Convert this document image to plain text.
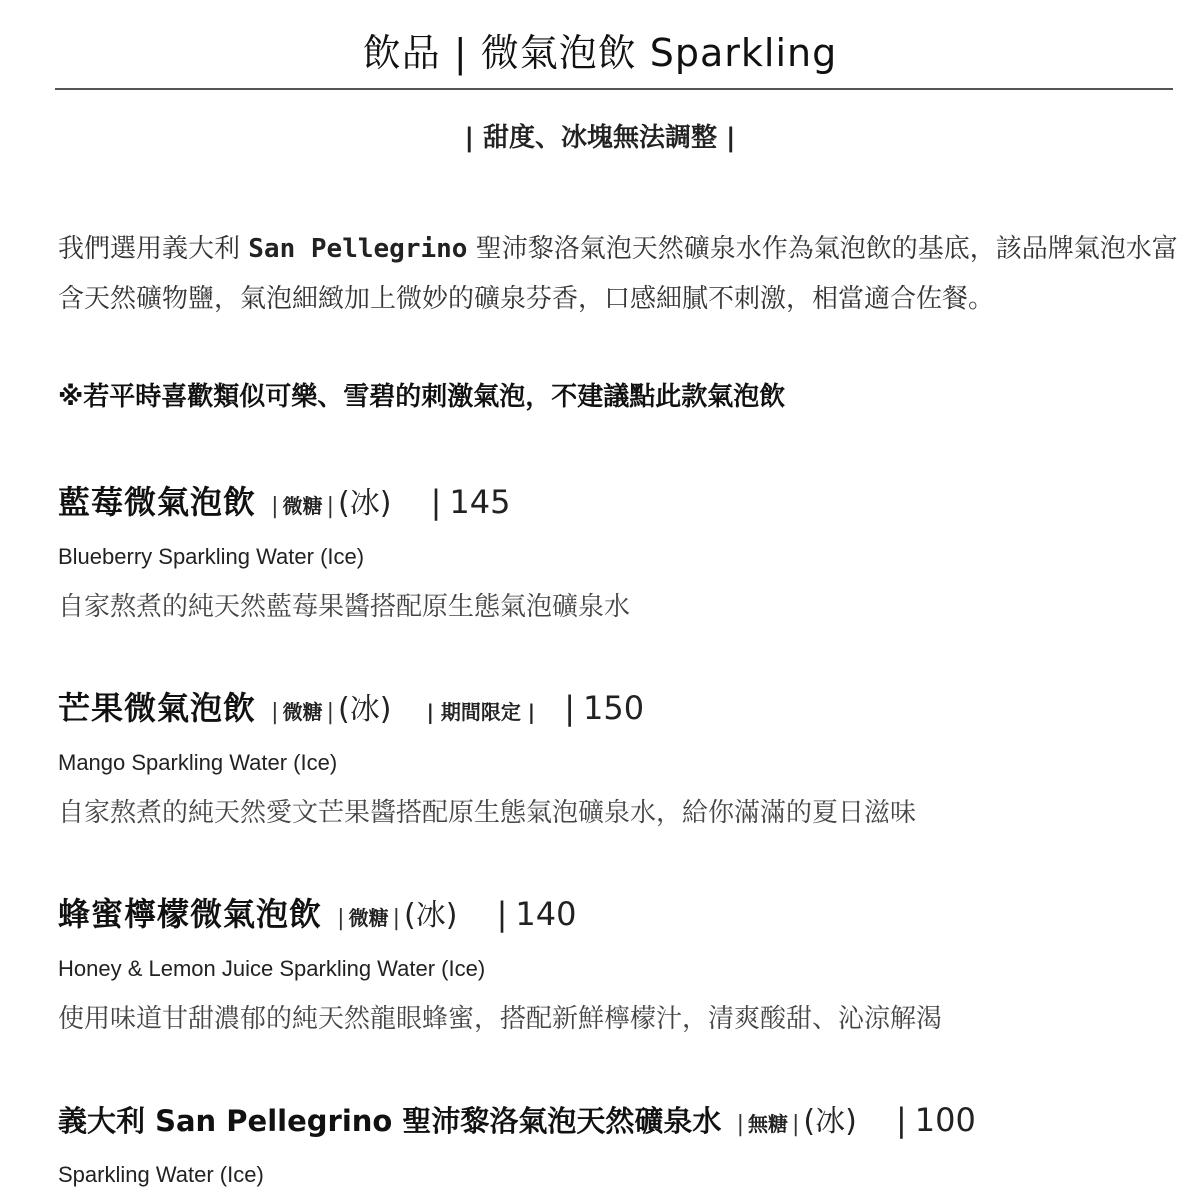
飲品 | 微氣泡飲 Sparkling
| 甜度、冰塊無法調整 |
我們選用義大利 San Pellegrino 聖沛黎洛氣泡天然礦泉水作為氣泡飲的基底，該品牌氣泡水富含天然礦物鹽，氣泡細緻加上微妙的礦泉芬香，口感細膩不刺激，相當適合佐餐。
※若平時喜歡類似可樂、雪碧的刺激氣泡，不建議點此款氣泡飲
藍莓微氣泡飲 | 微糖 | (冰) | 145
Blueberry Sparkling Water (Ice)
自家熬煮的純天然藍莓果醬搭配原生態氣泡礦泉水
芒果微氣泡飲 | 微糖 | (冰) | 期間限定 | | 150
Mango Sparkling Water (Ice)
自家熬煮的純天然愛文芒果醬搭配原生態氣泡礦泉水，給你滿滿的夏日滋味
蜂蜜檸檬微氣泡飲 | 微糖 | (冰) | 140
Honey & Lemon Juice Sparkling Water (Ice)
使用味道甘甜濃郁的純天然龍眼蜂蜜，搭配新鮮檸檬汁，清爽酸甜、沁涼解渴
義大利 San Pellegrino 聖沛黎洛氣泡天然礦泉水 | 無糖 | (冰) | 100
Sparkling Water (Ice)
